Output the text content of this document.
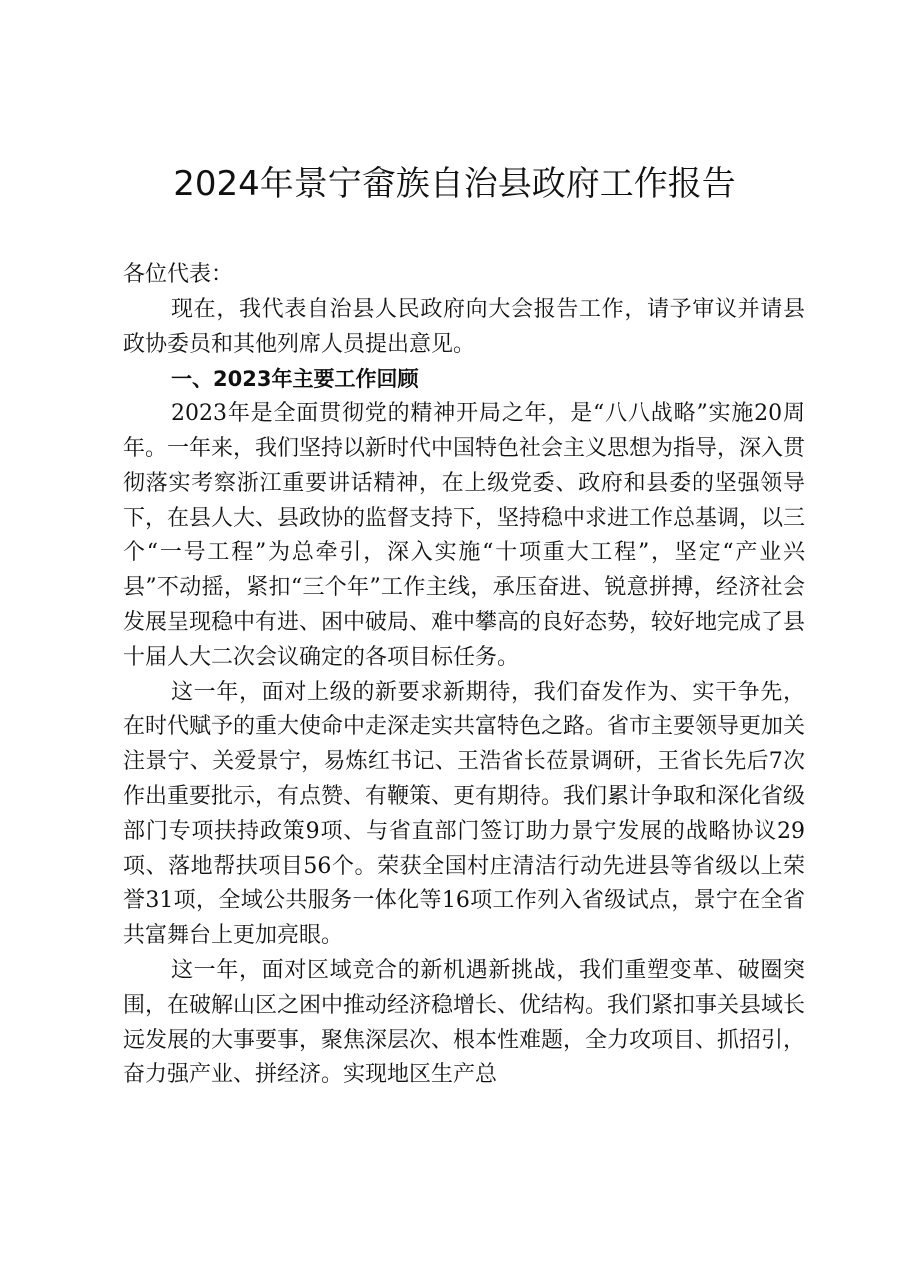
2024年景宁畲族自治县政府工作报告

各位代表：

现在，我代表自治县人民政府向大会报告工作，请予审议并请县政协委员和其他列席人员提出意见。

一、2023年主要工作回顾

2023年是全面贯彻党的精神开局之年，是“八八战略”实施20周年。一年来，我们坚持以新时代中国特色社会主义思想为指导，深入贯彻落实考察浙江重要讲话精神，在上级党委、政府和县委的坚强领导下，在县人大、县政协的监督支持下，坚持稳中求进工作总基调，以三个“一号工程”为总牵引，深入实施“十项重大工程”，坚定“产业兴县”不动摇，紧扣“三个年”工作主线，承压奋进、锐意拼搏，经济社会发展呈现稳中有进、困中破局、难中攀高的良好态势，较好地完成了县十届人大二次会议确定的各项目标任务。

这一年，面对上级的新要求新期待，我们奋发作为、实干争先，在时代赋予的重大使命中走深走实共富特色之路。省市主要领导更加关注景宁、关爱景宁，易炼红书记、王浩省长莅景调研，王省长先后7次作出重要批示，有点赞、有鞭策、更有期待。我们累计争取和深化省级部门专项扶持政策9项、与省直部门签订助力景宁发展的战略协议29项、落地帮扶项目56个。荣获全国村庄清洁行动先进县等省级以上荣誉31项，全域公共服务一体化等16项工作列入省级试点，景宁在全省共富舞台上更加亮眼。

这一年，面对区域竞合的新机遇新挑战，我们重塑变革、破圈突围，在破解山区之困中推动经济稳增长、优结构。我们紧扣事关县域长远发展的大事要事，聚焦深层次、根本性难题，全力攻项目、抓招引，奋力强产业、拼经济。实现地区生产总
